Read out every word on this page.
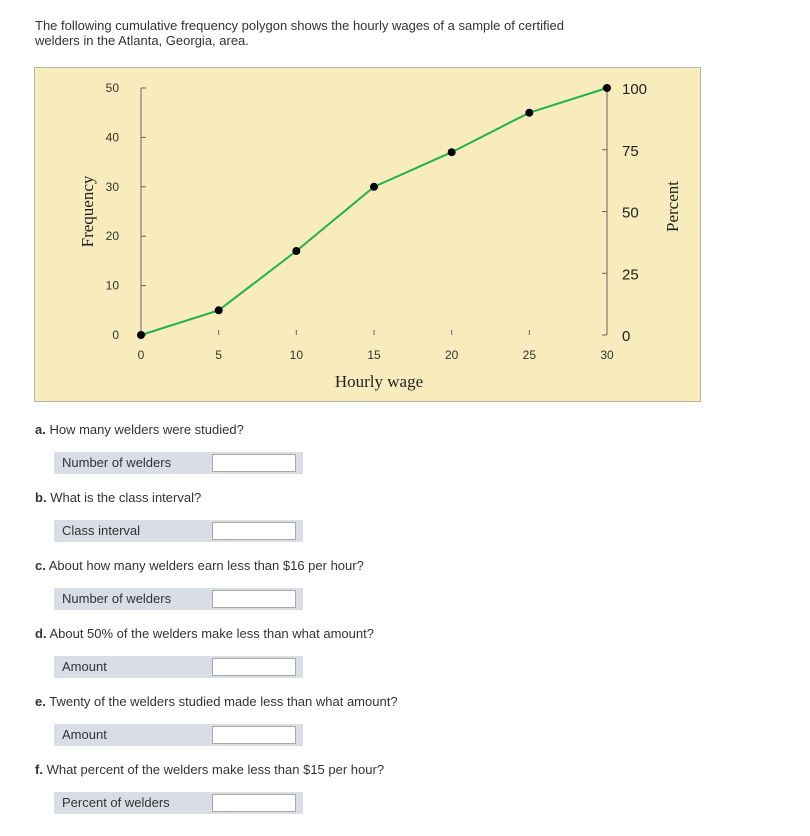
The following cumulative frequency polygon shows the hourly wages of a sample of certified
welders in the Atlanta, Georgia, area.
0
10
20
30
40
50
0
25
50
75
100
0	5	10	15	20	25	30
Hourly wage
Frequency	Percent
a. How many welders were studied?
Number of welders
b. What is the class interval?
Class interval
c. About how many welders earn less than $16 per hour?
Number of welders
d. About 50% of the welders make less than what amount?
Amount
e. Twenty of the welders studied made less than what amount?
Amount
f. What percent of the welders make less than $15 per hour?
Percent of welders
